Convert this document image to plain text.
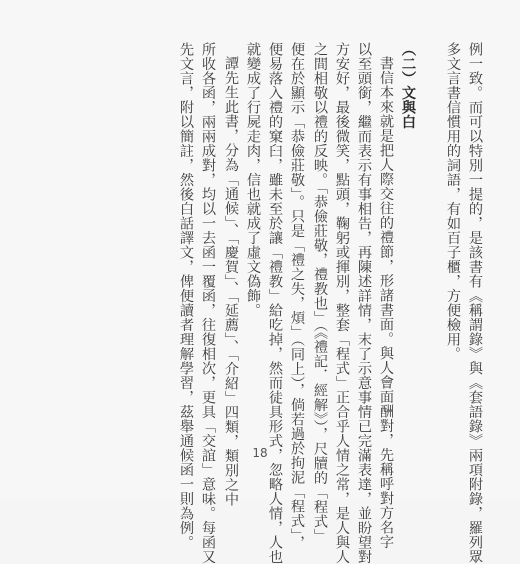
例一致。而可以特別一提的，是該書有《稱謂錄》與《套語錄》兩項附錄，羅列眾
多文言書信慣用的詞語，有如百子櫃，方便檢用。
（二）文與白
書信本來就是把人際交往的禮節，形諸書面。與人會面酬對，先稱呼對方名字
以至頭銜，繼而表示有事相告，再陳述詳情，末了示意事情已完滿表達，並盼望對
方安好，最後微笑，點頭，鞠躬或揮別，整套「程式」正合乎人情之常，是人與人
之間相敬以禮的反映。「恭儉莊敬，禮教也」（《禮記．經解》），尺牘的「程式」
便在於顯示「恭儉莊敬」。只是「禮之失，煩」（同上），倘若過於拘泥「程式」，
便易落入禮的窠臼，雖未至於讓「禮教」給吃掉，然而徒具形式，忽略人情，人也
就變成了行屍走肉，信也就成了虛文偽飾。
譚先生此書，分為「通候」、「慶賀」、「延薦」、「介紹」四類，類別之中
所收各函，兩兩成對，均以一去函一覆函，往復相次，更具「交誼」意味。每函又
先文言，附以簡註，然後白話譯文，俾便讀者理解學習，茲舉通候函一則為例。	18
